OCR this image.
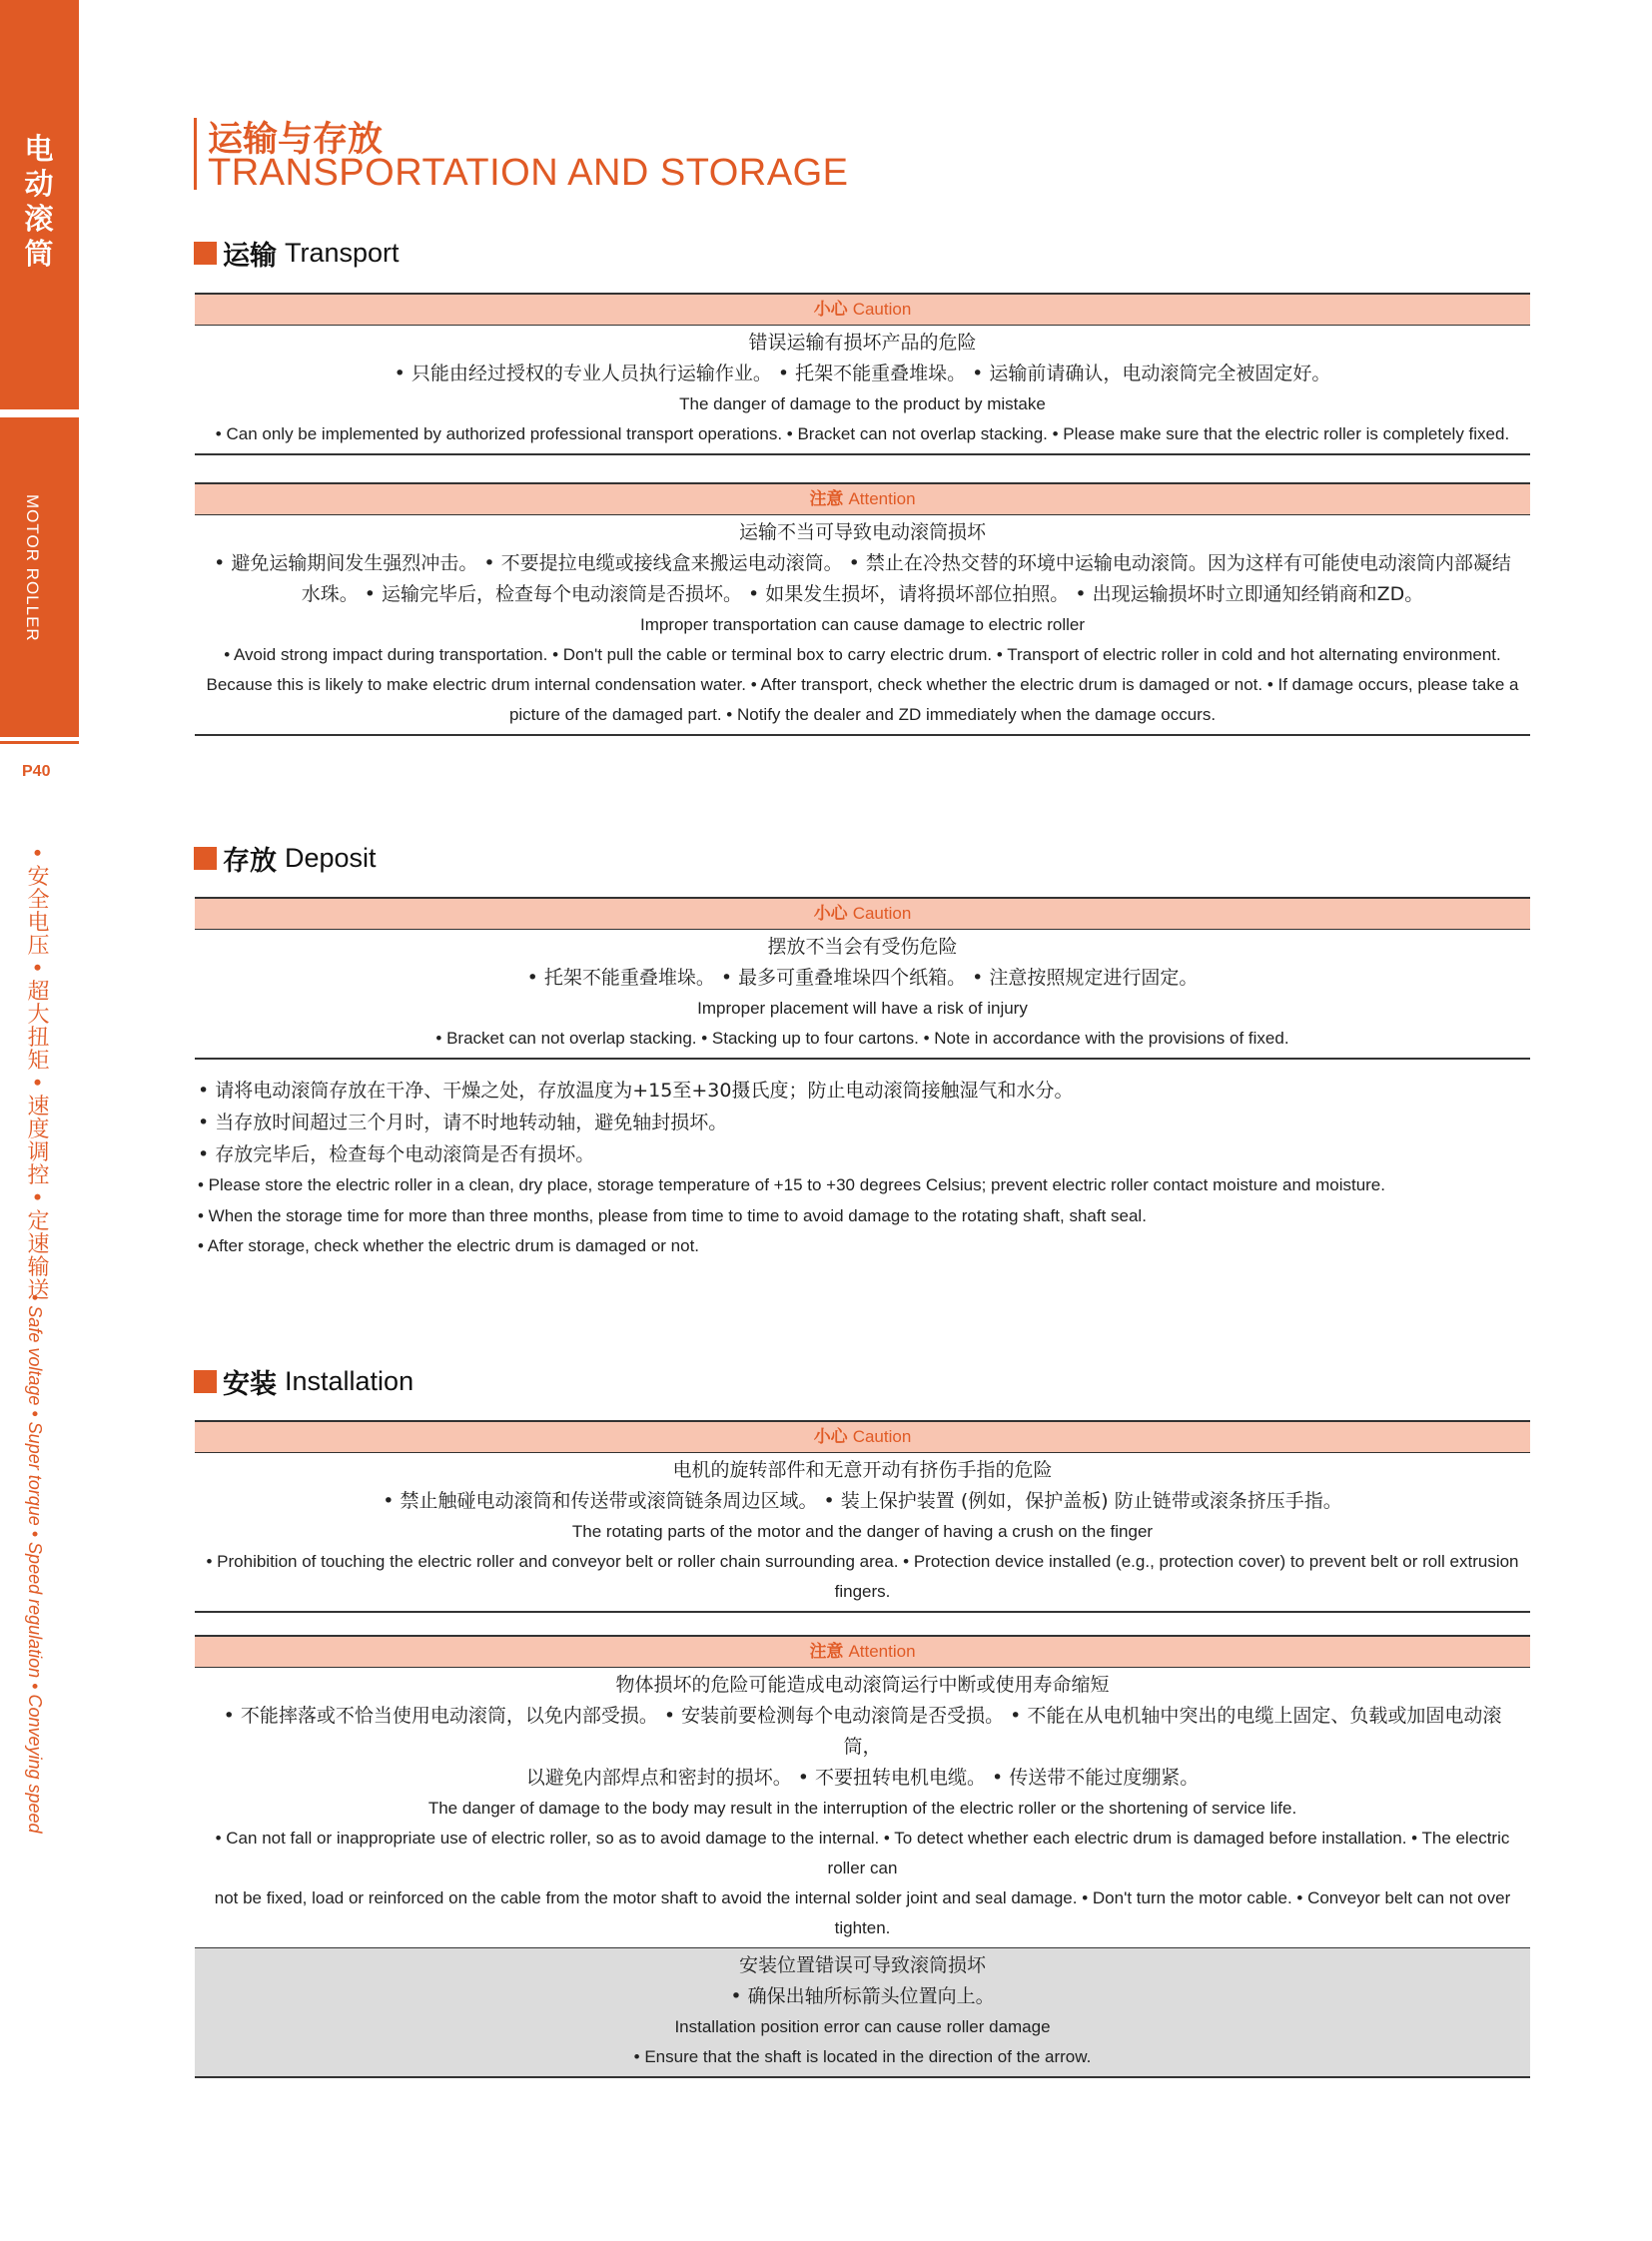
电动滚筒
MOTOR ROLLER
P40
• 安全电压 • 超大扭矩 • 速度调控 • 定速输送
• Safe voltage • Super torque • Speed regulation • Conveying speed
运输与存放
TRANSPORTATION AND STORAGE
运输 Transport
小心 Caution
错误运输有损坏产品的危险
• 只能由经过授权的专业人员执行运输作业。 • 托架不能重叠堆垛。 • 运输前请确认，电动滚筒完全被固定好。
The danger of damage to the product by mistake
• Can only be implemented by authorized professional transport operations. • Bracket can not overlap stacking. • Please make sure that the electric roller is completely fixed.
注意 Attention
运输不当可导致电动滚筒损坏
• 避免运输期间发生强烈冲击。 • 不要提拉电缆或接线盒来搬运电动滚筒。 • 禁止在冷热交替的环境中运输电动滚筒。因为这样有可能使电动滚筒内部凝结
水珠。 • 运输完毕后，检查每个电动滚筒是否损坏。 • 如果发生损坏，请将损坏部位拍照。 • 出现运输损坏时立即通知经销商和ZD。
Improper transportation can cause damage to electric roller
• Avoid strong impact during transportation. • Don't pull the cable or terminal box to carry electric drum. • Transport of electric roller in cold and hot alternating environment.
Because this is likely to make electric drum internal condensation water. • After transport, check whether the electric drum is damaged or not. • If damage occurs, please take a
picture of the damaged part. • Notify the dealer and ZD immediately when the damage occurs.
存放 Deposit
小心 Caution
摆放不当会有受伤危险
• 托架不能重叠堆垛。 • 最多可重叠堆垛四个纸箱。 • 注意按照规定进行固定。
Improper placement will have a risk of injury
• Bracket can not overlap stacking. • Stacking up to four cartons. • Note in accordance with the provisions of fixed.
• 请将电动滚筒存放在干净、干燥之处，存放温度为+15至+30摄氏度；防止电动滚筒接触湿气和水分。
• 当存放时间超过三个月时，请不时地转动轴，避免轴封损坏。
• 存放完毕后，检查每个电动滚筒是否有损坏。
• Please store the electric roller in a clean, dry place, storage temperature of +15 to +30 degrees Celsius; prevent electric roller contact moisture and moisture.
• When the storage time for more than three months, please from time to time to avoid damage to the rotating shaft, shaft seal.
• After storage, check whether the electric drum is damaged or not.
安装 Installation
小心 Caution
电机的旋转部件和无意开动有挤伤手指的危险
• 禁止触碰电动滚筒和传送带或滚筒链条周边区域。 • 装上保护装置 (例如，保护盖板) 防止链带或滚条挤压手指。
The rotating parts of the motor and the danger of having a crush on the finger
• Prohibition of touching the electric roller and conveyor belt or roller chain surrounding area. • Protection device installed (e.g., protection cover) to prevent belt or roll extrusion
fingers.
注意 Attention
物体损坏的危险可能造成电动滚筒运行中断或使用寿命缩短
• 不能摔落或不恰当使用电动滚筒，以免内部受损。 • 安装前要检测每个电动滚筒是否受损。 • 不能在从电机轴中突出的电缆上固定、负载或加固电动滚筒，
以避免内部焊点和密封的损坏。 • 不要扭转电机电缆。 • 传送带不能过度绷紧。
The danger of damage to the body may result in the interruption of the electric roller or the shortening of service life.
• Can not fall or inappropriate use of electric roller, so as to avoid damage to the internal. • To detect whether each electric drum is damaged before installation. • The electric roller can
not be fixed, load or reinforced on the cable from the motor shaft to avoid the internal solder joint and seal damage. • Don't turn the motor cable. • Conveyor belt can not over tighten.
安装位置错误可导致滚筒损坏
• 确保出轴所标箭头位置向上。
Installation position error can cause roller damage
• Ensure that the shaft is located in the direction of the arrow.
